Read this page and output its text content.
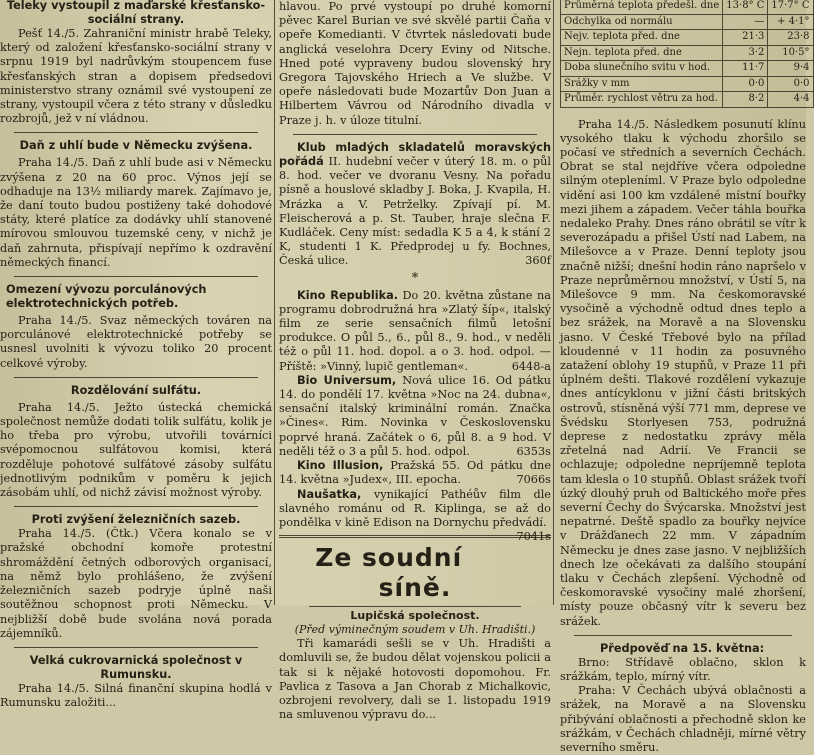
Teleky vystoupil z maďarské křesťansko-sociální strany.

Pešť 14./5. Zahraniční ministr hrabě Teleky, který od založení křesťansko-sociální strany v srpnu 1919 byl nadrůvkým stoupencem fuse křesťanských stran a dopisem předsedovi ministerstvo strany oznámil své vystoupení ze strany, vystoupil včera z této strany v důsledku rozbrojů, jež v ní vládnou.

Daň z uhlí bude v Německu zvýšena.

Praha 14./5. Daň z uhlí bude asi v Německu zvýšena z 20 na 60 proc. Výnos její se odhaduje na 13½ miliardy marek. Zajímavo je, že daní touto budou postiženy také dohodové státy, které platíce za dodávky uhlí stanovené mírovou smlouvou tuzemské ceny, v nichž je daň zahrnuta, přispívají nepřímo k ozdravění německých financí.

Omezení vývozu porculánových elektrotechnických potřeb.

Praha 14./5. Svaz německých továren na porculánové elektrotechnické potřeby se usnesl uvolniti k vývozu toliko 20 procent celkové výroby.

Rozdělování sulfátu.

Praha 14./5. Ježto ústecká chemická společnost nemůže dodati tolik sulfátu, kolik je ho třeba pro výrobu, utvořili továrníci svépomocnou sulfátovou komisi, která rozděluje pohotové sulfátové zásoby sulfátu jednotlivým podnikům v poměru k jejich zásobám uhlí, od nichž závisí možnost výroby.

Proti zvýšení železničních sazeb.

Praha 14./5. (Čtk.) Včera konalo se v pražské obchodní komoře protestní shromáždění četných odborových organisací, na němž bylo prohlášeno, že zvýšení železničních sazeb podryje úplně naši soutěžnou schopnost proti Německu. V nejbližší době bude svolána nová porada zájemníků.

Velká cukrovarnická společnost v Rumunsku.

Praha 14./5. Silná finanční skupina hodlá v Rumunsku založiti...

hlavou. Po prvé vystoupí po druhé komorní pěvec Karel Burian ve své skvělé partii Čaňa v opeře Komedianti. V čtvrtek následovati bude anglická veselohra Dcery Eviny od Nitsche. Hned poté vypraveny budou slovenský hry Gregora Tajovského Hriech a Ve službe. V opeře následovati bude Mozartův Don Juan a Hilbertem Vávrou od Národního divadla v Praze j. h. v úloze titulní.

Klub mladých skladatelů moravských pořádá II. hudební večer v úterý 18. m. o půl 8. hod. večer ve dvoranu Vesny. Na pořadu písně a houslové skladby J. Boka, J. Kvapila, H. Mrázka a V. Petrželky. Zpívají pí. M. Fleischerová a p. St. Tauber, hraje slečna F. Kudláček. Ceny míst: sedadla K 5 a 4, k stání 2 K, studenti 1 K. Předprodej u fy. Bochnes, Česká ulice.	360f

*

Kino Republika. Do 20. května zůstane na programu dobrodružná hra »Zlatý šíp«, italský film ze serie sensačních filmů letošní produkce. O půl 5., 6., půl 8., 9. hod., v neděli též o půl 11. hod. dopol. a o 3. hod. odpol. — Příště: »Vinný, lupič gentleman«.	6448-a

Bio Universum, Nová ulice 16. Od pátku 14. do pondělí 17. května »Noc na 24. dubna«, sensační italský kriminální román. Značka »Čines«. Rim. Novinka v Československu poprvé hraná. Začátek o 6, půl 8. a 9 hod. V neděli též o 3 a půl 5. hod. odpol.	6353s

Kino Illusion, Pražská 55. Od pátku dne 14. května »Judex«, III. epocha.	7066s

Naušatka, vynikající Pathéův film dle slavného románu od R. Kiplinga, se až do pondělka v kině Edison na Dornychu předvádí.
7041s

Ze soudní síně.
Lupičská společnost.
(Před výminečným soudem v Uh. Hradišti.)

Tři kamarádi sešli se v Uh. Hradišti a domluvili se, že budou dělat vojenskou policii a tak si k nějaké hotovosti dopomohou. Fr. Pavlica z Tasova a Jan Chorab z Michalkovic, ozbrojeni revolvery, dali se 1. listopadu 1919 na smluvenou výpravu do...

Průměrná teplota předešl. dne	13·8° C	17·7° C
Odchylka od normálu	—	+ 4·1°
Nejv. teplota před. dne	21·3	23·8
Nejn. teplota před. dne	3·2	10·5°
Doba slunečního svitu v hod.	11·7	9·4
Srážky v mm	0·0	0·0
Průměr. rychlost větru za hod.	8·2	4·4

Praha 14./5. Následkem posunutí klínu vysokého tlaku k východu zhoršilo se počasí ve středních a severních Čechách. Obrat se stal nejdříve včera odpoledne silným otepleníml. V Praze bylo odpoledne vidění asi 100 km vzdálené místní bouřky mezi jihem a západem. Večer táhla bouřka nedaleko Prahy. Dnes ráno obrátil se vítr k severozápadu a přišel Ústí nad Labem, na Milešovce a v Praze. Denní teploty jsou značně nižší; dnešní hodin ráno napršelo v Praze neprůměrnou množství, v Ústí 5, na Milešovce 9 mm. Na českomoravské vysočině a východně odtud dnes teplo a bez srážek, na Moravě a na Slovensku jasno. V České Třebové bylo na přílad kloudenné v 11 hodin za posuvného zatažení oblohy 19 stupňů, v Praze 11 při úplném dešti. Tlakové rozdělení vykazuje dnes antícyklonu v jižní části britských ostrovů, stísněná výší 771 mm, deprese ve Švédsku Storlyesen 753, podružná deprese z nedostatku zprávy měla zřetelná nad Adrií. Ve Francii se ochlazuje; odpoledne nepríjemně teplota tam klesla o 10 stupňů. Oblast srážek tvoří úzký dlouhý pruh od Baltického moře přes severní Čechy do Švýcarska. Množství jest nepatrné. Deště spadlo za bouřky nejvíce v Drážďanech 22 mm. V západním Německu je dnes zase jasno. V nejbližších dnech lze očekávati za dalšího stoupání tlaku v Čechách zlepšení. Východně od českomoravské vysočiny malé zhoršení, místy pouze občasný vítr k severu bez srážek.

Předpověď na 15. května:

Brno: Střídavě oblačno, sklon k srážkám, teplo, mírný vítr.

Praha: V Čechách ubývá oblačnosti a srážek, na Moravě a na Slovensku přibývání oblačnosti a přechodně sklon ke srážkám, v Čechách chladněji, mírné větry severního směru.
